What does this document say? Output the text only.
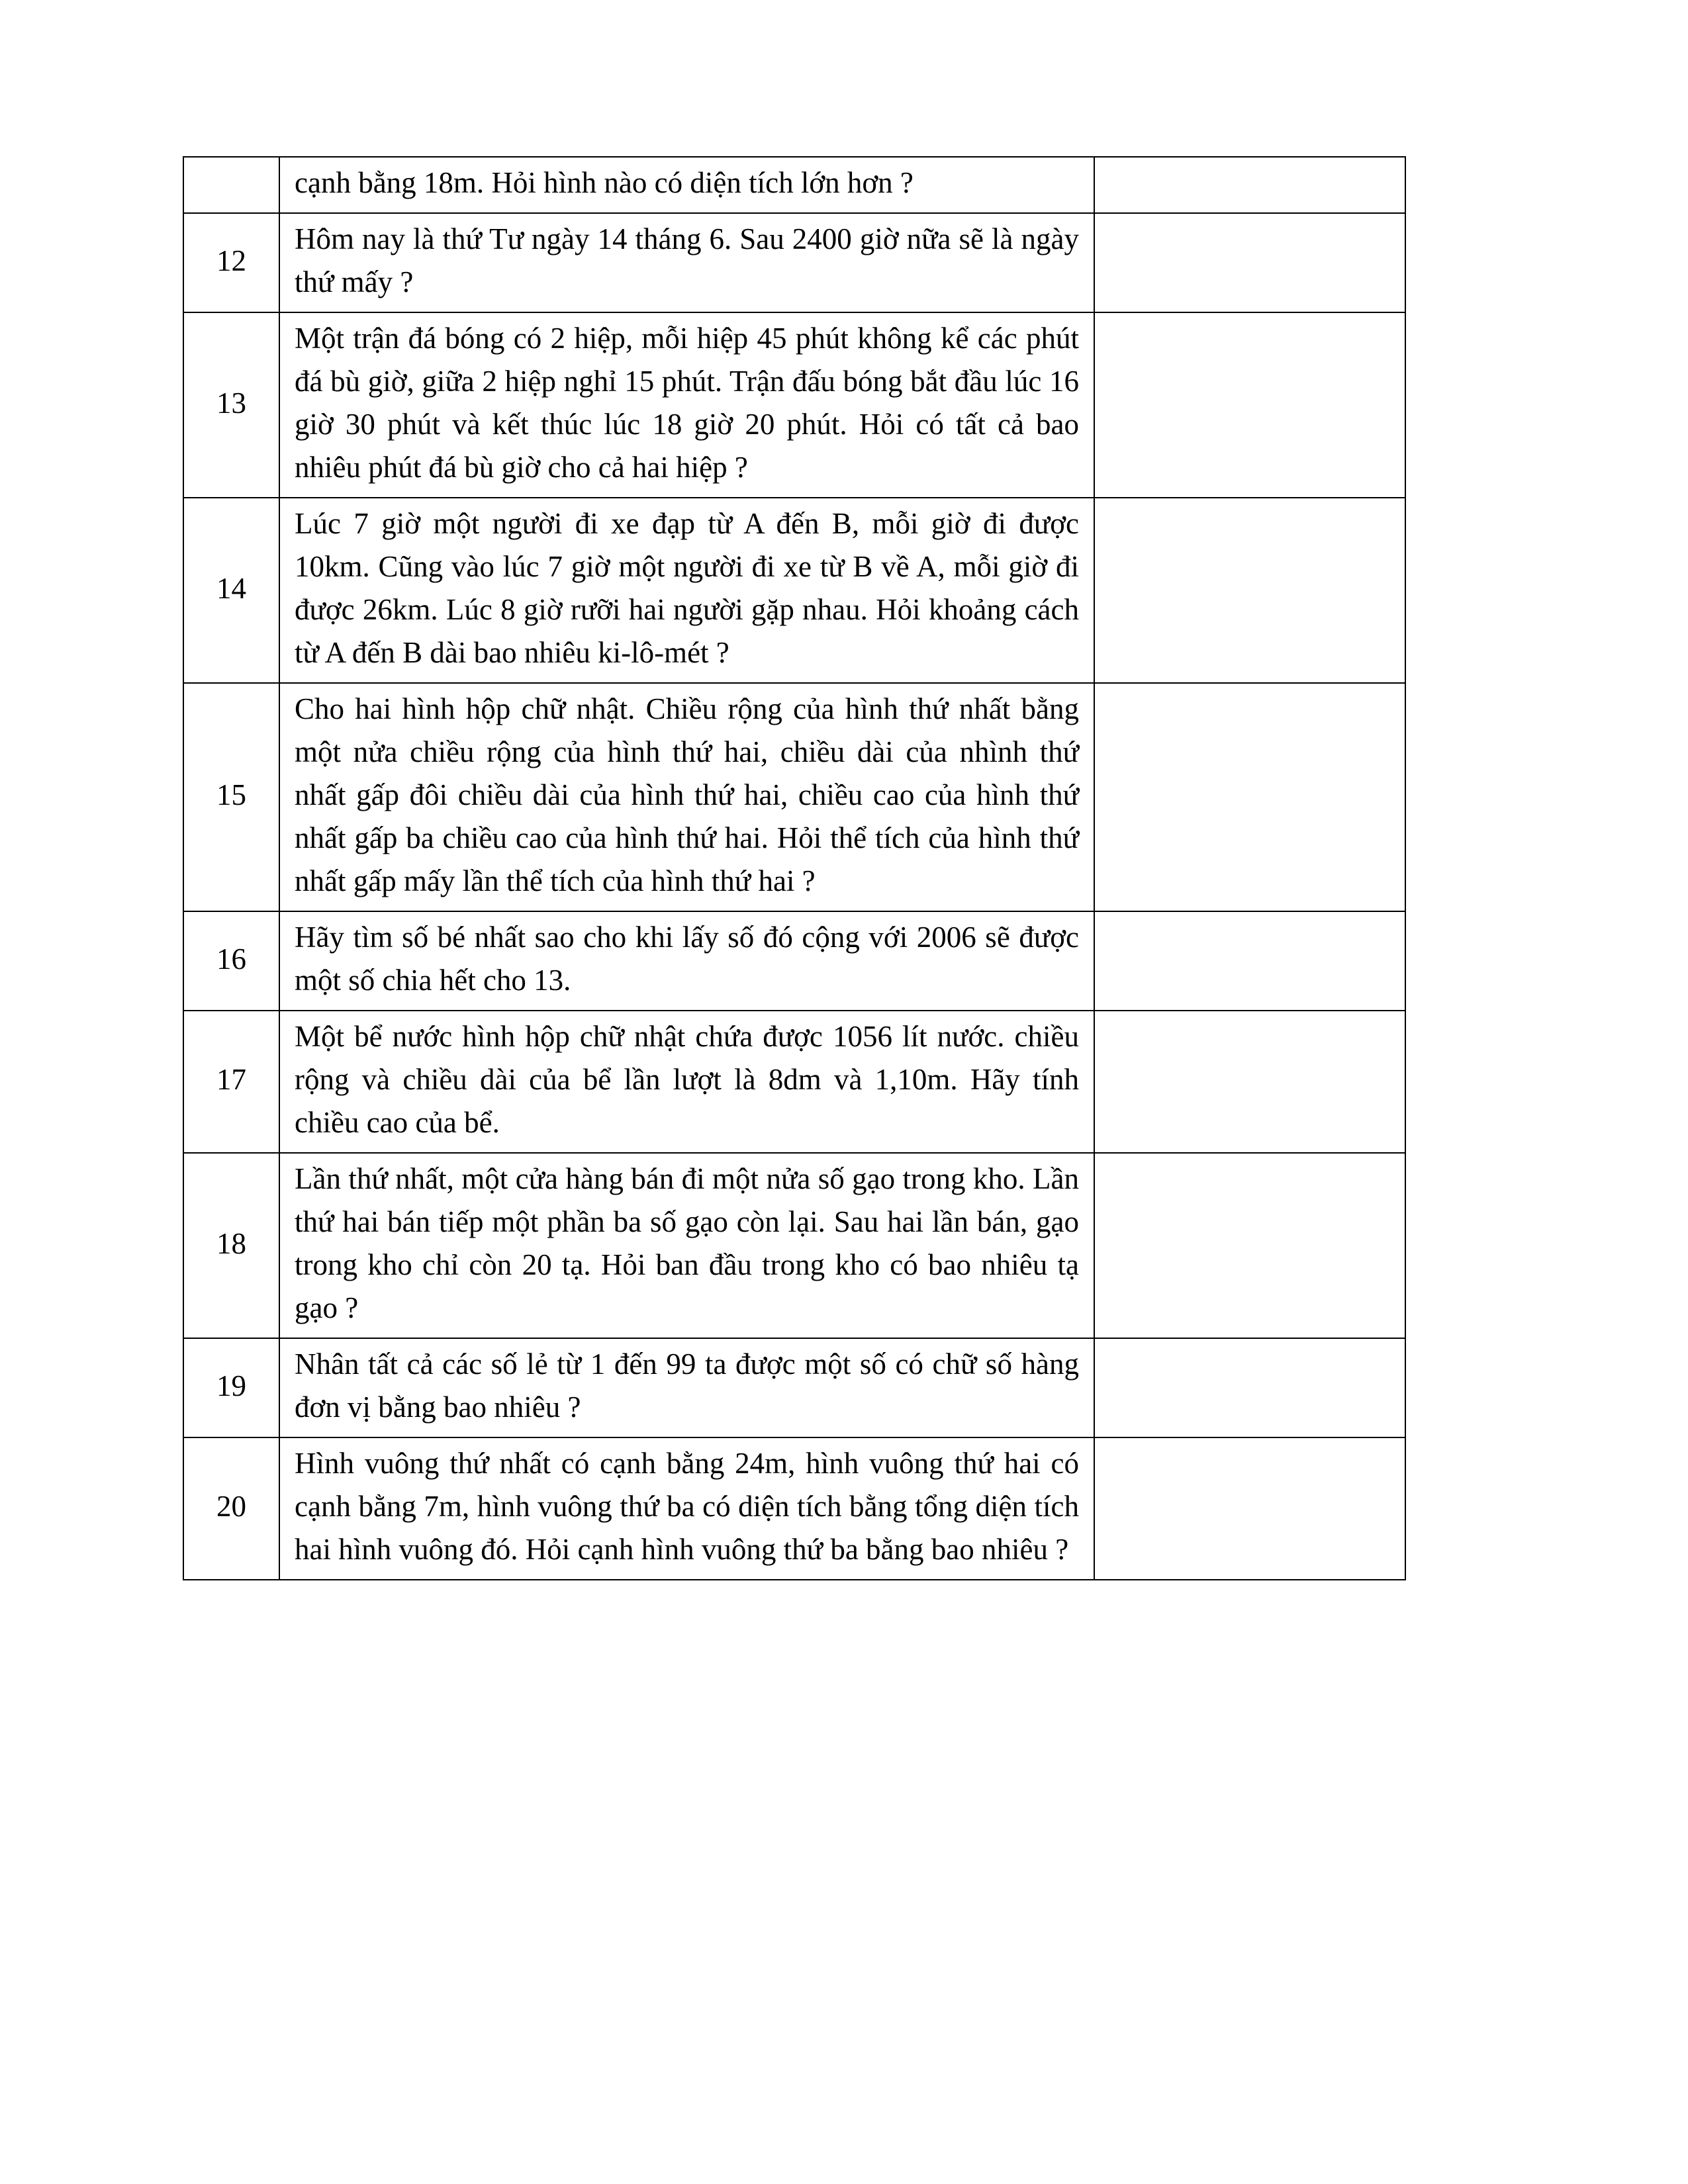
	cạnh bằng 18m. Hỏi hình nào có diện tích lớn hơn ?	
12	Hôm nay là thứ Tư ngày 14 tháng 6. Sau 2400 giờ nữa sẽ là ngày thứ mấy ?	
13	Một trận đá bóng có 2 hiệp, mỗi hiệp 45 phút không kể các phút đá bù giờ, giữa 2 hiệp nghỉ 15 phút. Trận đấu bóng bắt đầu lúc 16 giờ 30 phút và kết thúc lúc 18 giờ 20 phút. Hỏi có tất cả bao nhiêu phút đá bù giờ cho cả hai hiệp ?	
14	Lúc 7 giờ một người đi xe đạp từ A đến B, mỗi giờ đi được 10km. Cũng vào lúc 7 giờ một người đi xe từ B về A, mỗi giờ đi được 26km. Lúc 8 giờ rưỡi hai người gặp nhau. Hỏi khoảng cách từ A đến B dài bao nhiêu ki-lô-mét ?	
15	Cho hai hình hộp chữ nhật. Chiều rộng của hình thứ nhất bằng một nửa chiều rộng của hình thứ hai, chiều dài của nhình thứ nhất gấp đôi chiều dài của hình thứ hai, chiều cao của hình thứ nhất gấp ba chiều cao của hình thứ hai. Hỏi thể tích của hình thứ nhất gấp mấy lần thể tích của hình thứ hai ?	
16	Hãy tìm số bé nhất sao cho khi lấy số đó cộng với 2006 sẽ được một số chia hết cho 13.	
17	Một bể nước hình hộp chữ nhật chứa được 1056 lít nước. chiều rộng và chiều dài của bể lần lượt là 8dm và 1,10m. Hãy tính chiều cao của bể.	
18	Lần thứ nhất, một cửa hàng bán đi một nửa số gạo trong kho. Lần thứ hai bán tiếp một phần ba số gạo còn lại. Sau hai lần bán, gạo trong kho chỉ còn 20 tạ. Hỏi ban đầu trong kho có bao nhiêu tạ gạo ?	
19	Nhân tất cả các số lẻ từ 1 đến 99 ta được một số có chữ số hàng đơn vị bằng bao nhiêu ?	
20	Hình vuông thứ nhất có cạnh bằng 24m, hình vuông thứ hai có cạnh bằng 7m, hình vuông thứ ba có diện tích bằng tổng diện tích hai hình vuông đó. Hỏi cạnh hình vuông thứ ba bằng bao nhiêu ?	
